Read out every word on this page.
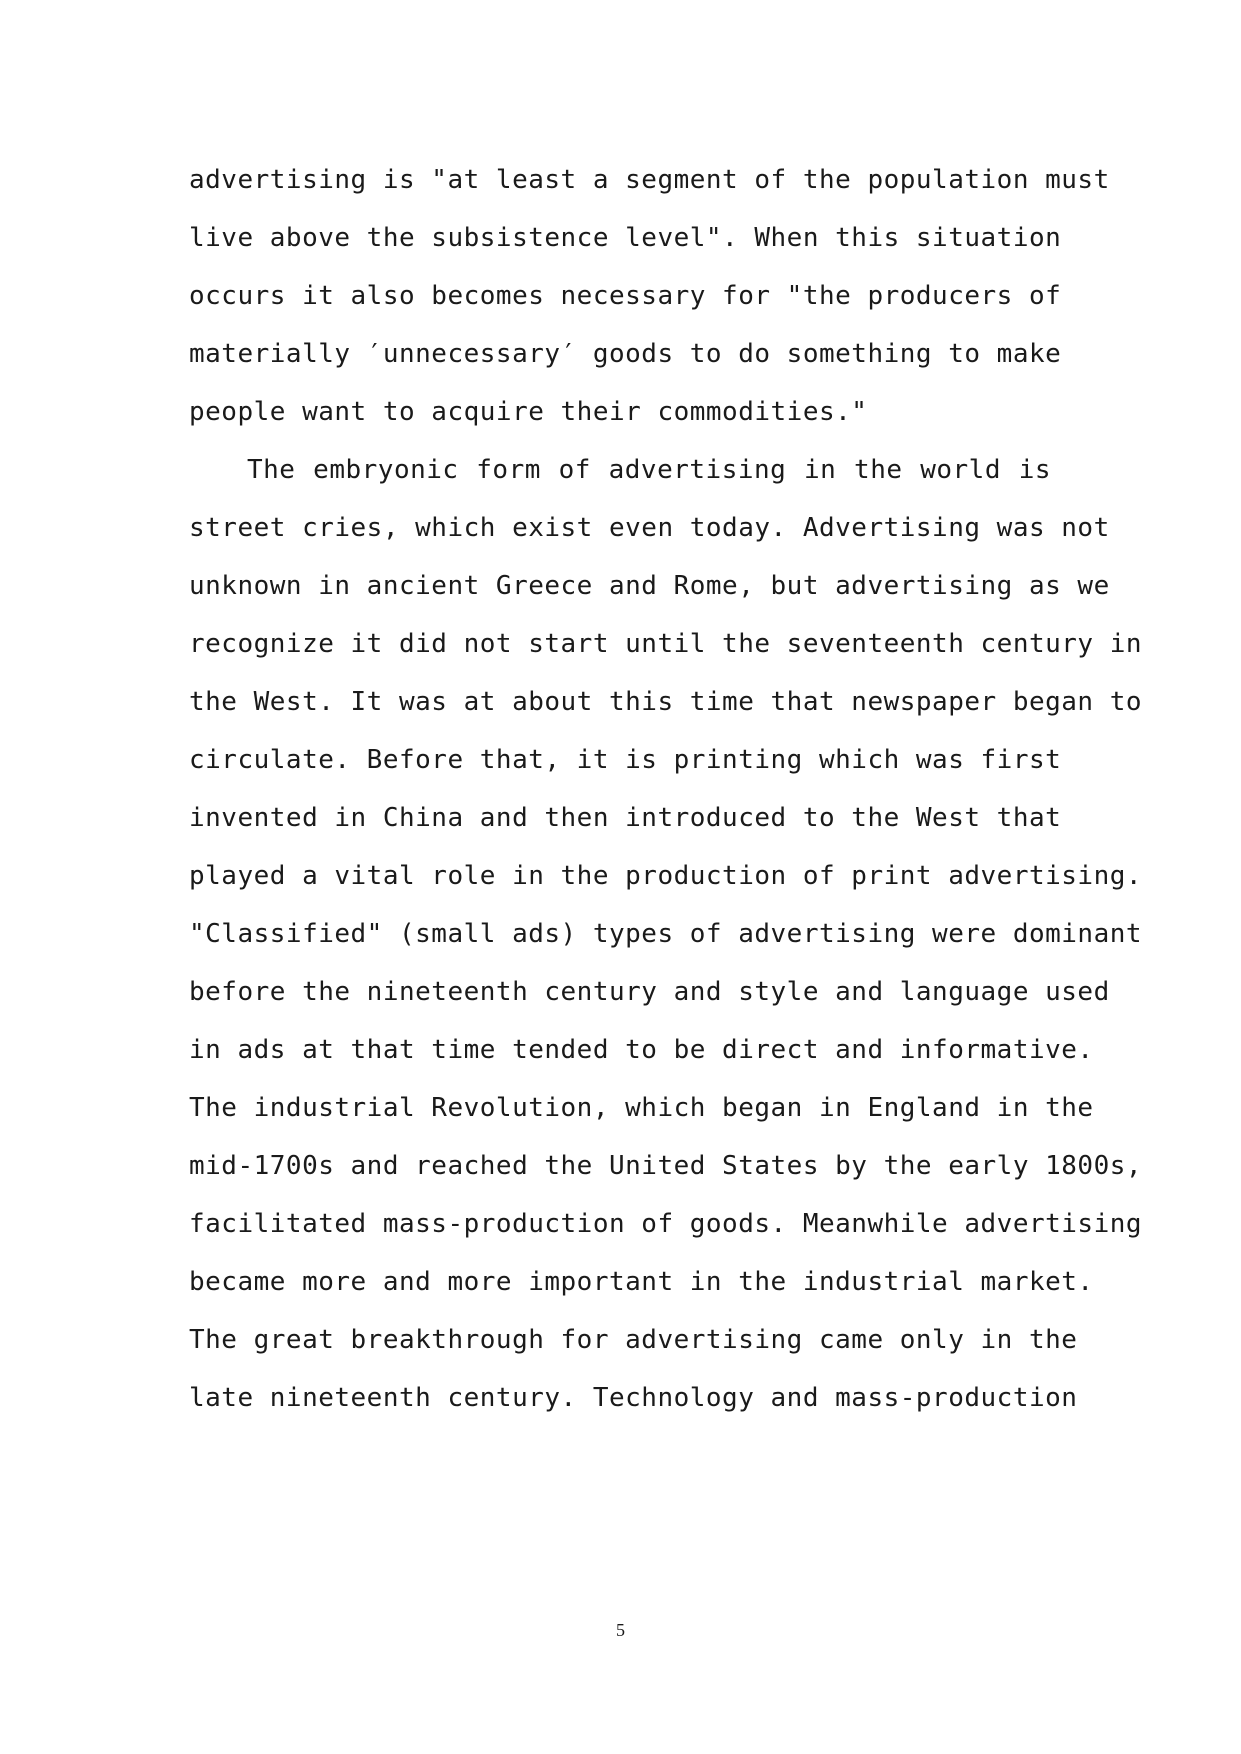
advertising is "at least a segment of the population must
live above the subsistence level". When this situation
occurs it also becomes necessary for "the producers of
materially ′unnecessary′ goods to do something to make
people want to acquire their commodities."
The embryonic form of advertising in the world is
street cries, which exist even today. Advertising was not
unknown in ancient Greece and Rome, but advertising as we
recognize it did not start until the seventeenth century in
the West. It was at about this time that newspaper began to
circulate. Before that, it is printing which was first
invented in China and then introduced to the West that
played a vital role in the production of print advertising.
"Classified" (small ads) types of advertising were dominant
before the nineteenth century and style and language used
in ads at that time tended to be direct and informative.
The industrial Revolution, which began in England in the
mid-1700s and reached the United States by the early 1800s,
facilitated mass-production of goods. Meanwhile advertising
became more and more important in the industrial market.
The great breakthrough for advertising came only in the
late nineteenth century. Technology and mass-production
5
